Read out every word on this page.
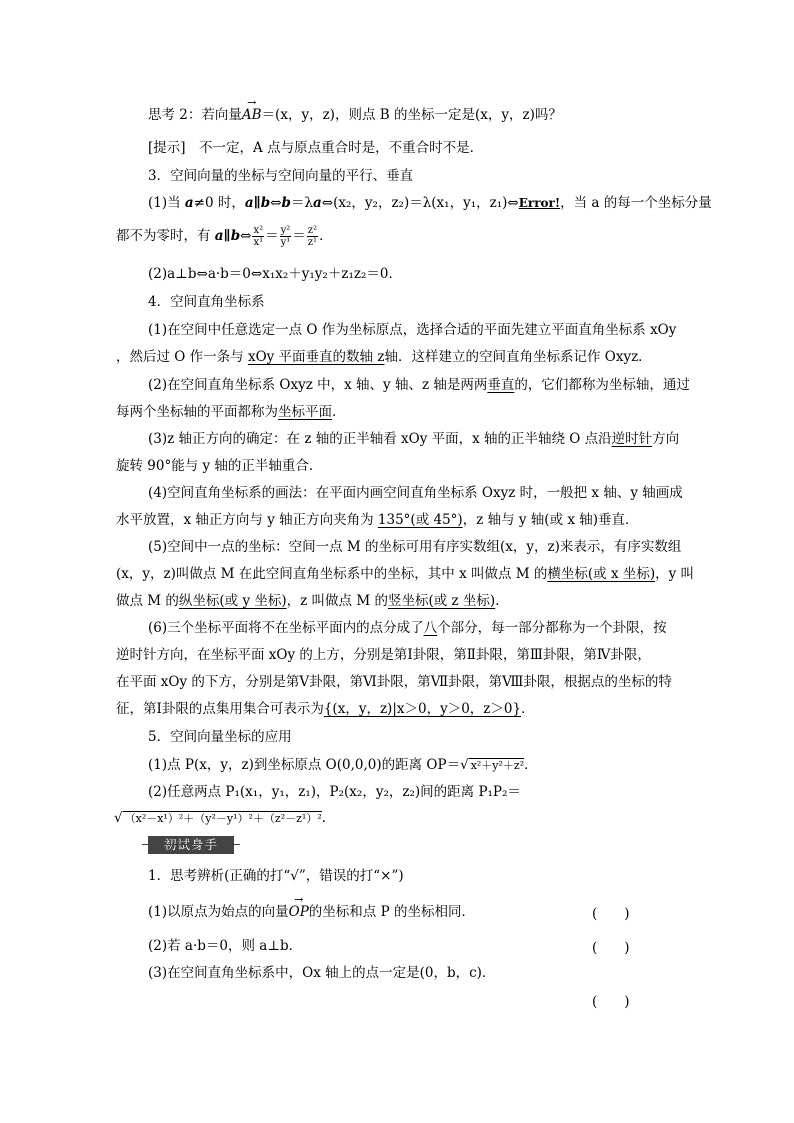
思考 2：若向量→ AB＝(x，y，z)，则点 B 的坐标一定是(x，y，z)吗？
[提示]　不一定，A 点与原点重合时是，不重合时不是．
3．空间向量的坐标与空间向量的平行、垂直
(1)当 a≠0 时，a∥b⇔b＝λa⇔(x₂，y₂，z₂)＝λ(x₁，y₁，z₁)⇔Error!，当 a 的每一个坐标分量
都不为零时，有 a∥b⇔ $\frac{\text{x²}}{\text{x¹}} = \frac{\text{y²}}{\text{y¹}} = \frac{\text{z²}}{\text{z¹}}$ ．
(2)a⊥b⇔a·b＝0⇔x₁x₂＋y₁y₂＋z₁z₂＝0．
4．空间直角坐标系
(1)在空间中任意选定一点 O 作为坐标原点，选择合适的平面先建立平面直角坐标系 xOy
，然后过 O 作一条与 xOy 平面垂直的数轴 z轴．这样建立的空间直角坐标系记作 Oxyz．
(2)在空间直角坐标系 Oxyz 中，x 轴、y 轴、z 轴是两两垂直的，它们都称为坐标轴，通过
每两个坐标轴的平面都称为坐标平面．
(3)z 轴正方向的确定：在 z 轴的正半轴看 xOy 平面，x 轴的正半轴绕 O 点沿逆时针方向
旋转 90°能与 y 轴的正半轴重合．
(4)空间直角坐标系的画法：在平面内画空间直角坐标系 Oxyz 时，一般把 x 轴、y 轴画成
水平放置，x 轴正方向与 y 轴正方向夹角为 135°(或 45°)，z 轴与 y 轴(或 x 轴)垂直．
(5)空间中一点的坐标：空间一点 M 的坐标可用有序实数组(x，y，z)来表示，有序实数组
(x，y，z)叫做点 M 在此空间直角坐标系中的坐标，其中 x 叫做点 M 的横坐标(或 x 坐标)，y 叫
做点 M 的纵坐标(或 y 坐标)，z 叫做点 M 的竖坐标(或 z 坐标)．
(6)三个坐标平面将不在坐标平面内的点分成了八个部分，每一部分都称为一个卦限，按
逆时针方向，在坐标平面 xOy 的上方，分别是第Ⅰ卦限，第Ⅱ卦限，第Ⅲ卦限，第Ⅳ卦限，
在平面 xOy 的下方，分别是第Ⅴ卦限，第Ⅵ卦限，第Ⅶ卦限，第Ⅷ卦限，根据点的坐标的特
征，第Ⅰ卦限的点集用集合可表示为{(x，y，z)|x＞0，y＞0，z＞0}．
5．空间向量坐标的应用
(1)点 P(x，y，z)到坐标原点 O(0,0,0)的距离 OP＝√ x²＋y²＋z²．
(2)任意两点 P₁(x₁，y₁，z₁)，P₂(x₂，y₂，z₂)间的距离 P₁P₂＝
√ （x²－x¹）²＋（y²－y¹）²＋（z²－z¹）²．
初试身手
1．思考辨析(正确的打“√”，错误的打“×”)
(1)以原点为始点的向量→ OP的坐标和点 P 的坐标相同．	(　　)
(2)若 a·b＝0，则 a⊥b．	(　　)
(3)在空间直角坐标系中，Ox 轴上的点一定是(0，b，c)．
(　　)
